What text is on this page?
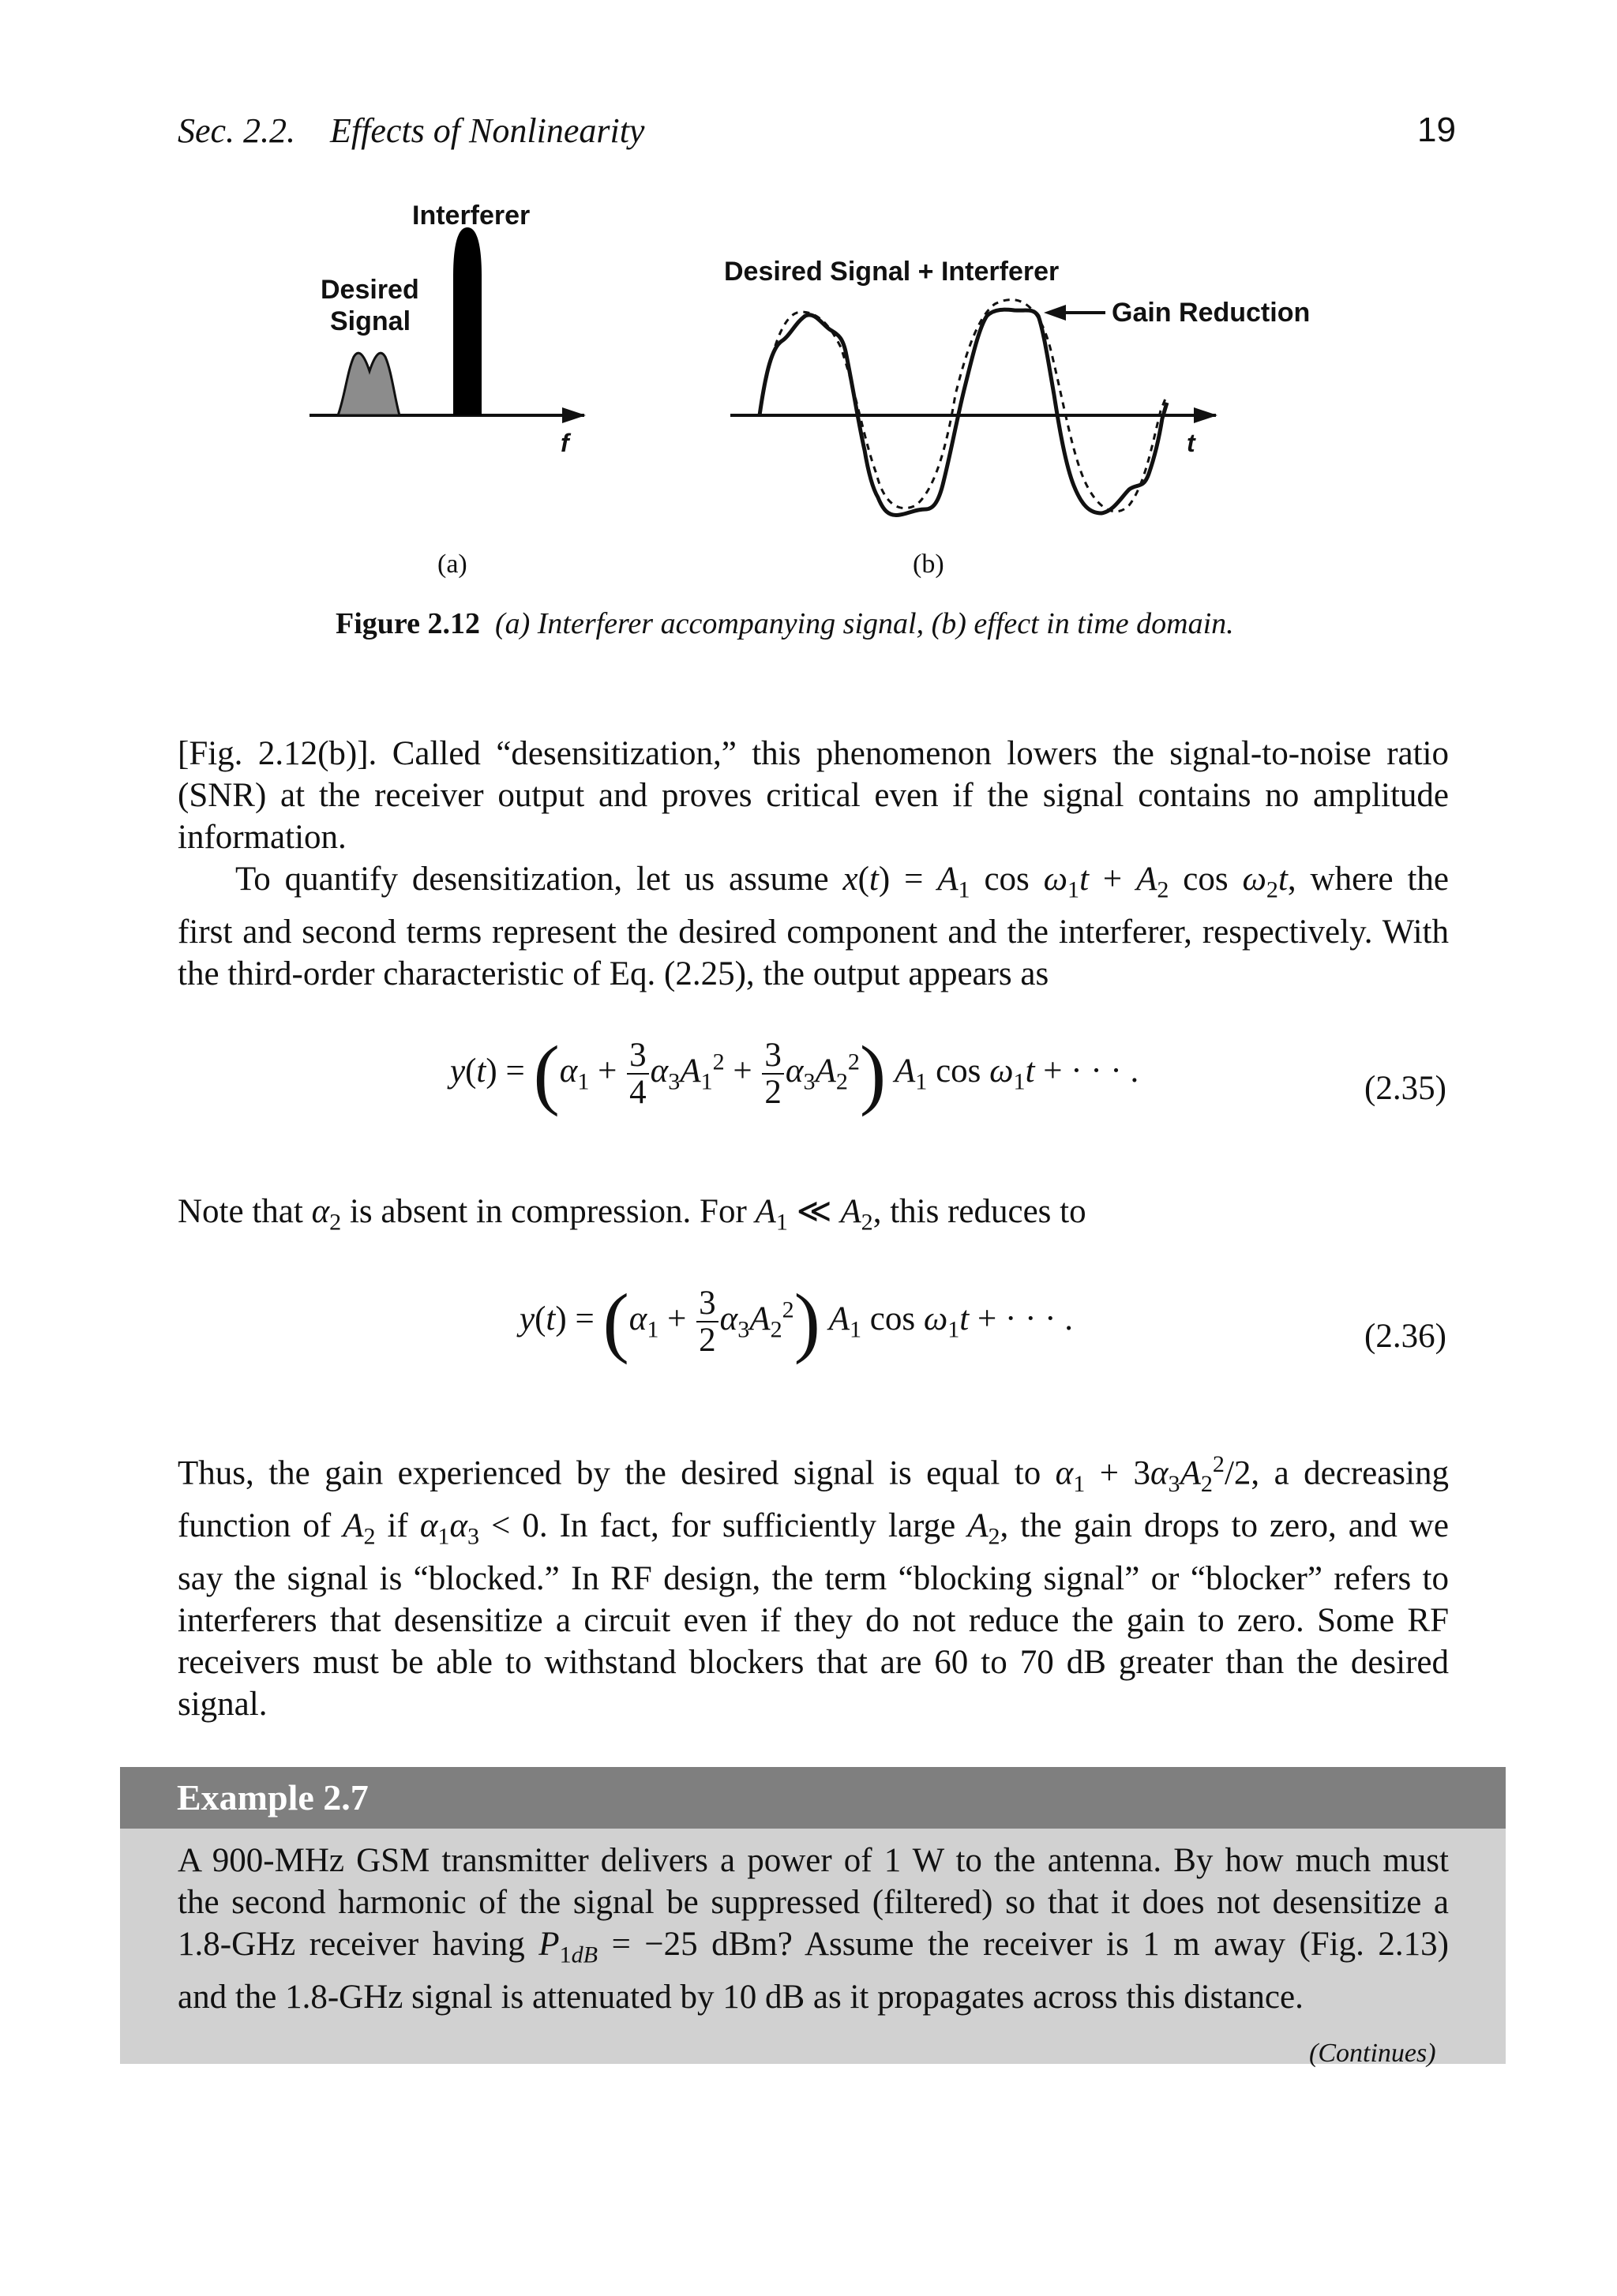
Sec. 2.2.    Effects of Nonlinearity	19
Interferer
Desired
Signal
f
Desired Signal + Interferer
Gain Reduction
t
(a)	(b)
Figure 2.12 (a) Interferer accompanying signal, (b) effect in time domain.
[Fig. 2.12(b)]. Called “desensitization,” this phenomenon lowers the signal-to-noise ratio
(SNR) at the receiver output and proves critical even if the signal contains no amplitude
information.
To quantify desensitization, let us assume $x(t) = A_1$ $\cos \omega_1t + A_2$ $\cos \omega_2t$, where the
first and second terms represent the desired component and the interferer, respectively. With
the third-order characteristic of Eq. (2.25), the output appears as
$y(t) = (\alpha_1 + \frac{3}{4} \alpha_3A_1^2 + \frac{3}{2} \alpha_3A_2^2)$ $A_1$ $\cos \omega_1t$ + · · · .	(2.35)
Note that $\alpha_2$ is absent in compression. For $A_1$ ≪ $A_2$, this reduces to
$y(t) = (\alpha_1 + \frac{3}{2} \alpha_3A_2^2)$ $A_1$ $\cos \omega_1t$ + · · · .	(2.36)
Thus, the gain experienced by the desired signal is equal to $\alpha_1 + 3\alpha_3A_2^2/2$, a decreasing
function of $A_2$ if $\alpha_1\alpha_3 < 0$. In fact, for sufficiently large $A_2$, the gain drops to zero, and we
say the signal is “blocked.” In RF design, the term “blocking signal” or “blocker” refers to
interferers that desensitize a circuit even if they do not reduce the gain to zero. Some RF
receivers must be able to withstand blockers that are 60 to 70 dB greater than the desired
signal.
Example 2.7
A 900-MHz GSM transmitter delivers a power of 1 W to the antenna. By how much must
the second harmonic of the signal be suppressed (filtered) so that it does not desensitize a
1.8-GHz receiver having $P_{1dB} = -25$ dBm? Assume the receiver is 1 m away (Fig. 2.13)
and the 1.8-GHz signal is attenuated by 10 dB as it propagates across this distance.
(Continues)
